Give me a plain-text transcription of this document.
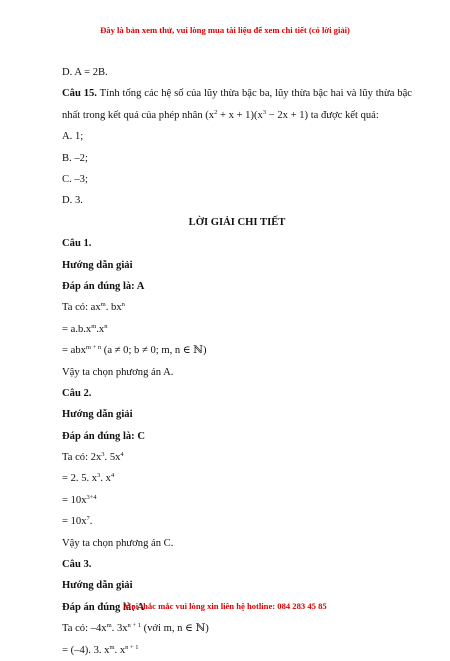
Đây là bản xem thử, vui lòng mua tài liệu để xem chi tiết (có lời giải)
D. A = 2B.
Câu 15. Tính tổng các hệ số của lũy thừa bậc ba, lũy thừa bậc hai và lũy thừa bậc nhất trong kết quả của phép nhân $(x^2 + x + 1)(x^3 - 2x + 1)$ ta được kết quả:
A. 1;
B. –2;
C. –3;
D. 3.
LỜI GIẢI CHI TIẾT
Câu 1.
Hướng dẫn giải
Đáp án đúng là: A
Ta có: $ax^m$. $bx^n$
= $a.b.x^m.x^n$
= abx$^{m + n}$ (a ≠ 0; b ≠ 0; m, n ∈ ℕ)
Vậy ta chọn phương án A.
Câu 2.
Hướng dẫn giải
Đáp án đúng là: C
Ta có: $2x^3$. $5x^4$
= 2. 5. $x^3$. $x^4$
= $10x^{3+4}$
= $10x^7$.
Vậy ta chọn phương án C.
Câu 3.
Hướng dẫn giải
Đáp án đúng là: A
Ta có: $-4x^m$. $3x^{n + 1}$ (với m, n ∈ ℕ)
= (–4). 3. $x^m$. $x^{n + 1}$
Mọi thắc mắc vui lòng xin liên hệ hotline: 084 283 45 85
